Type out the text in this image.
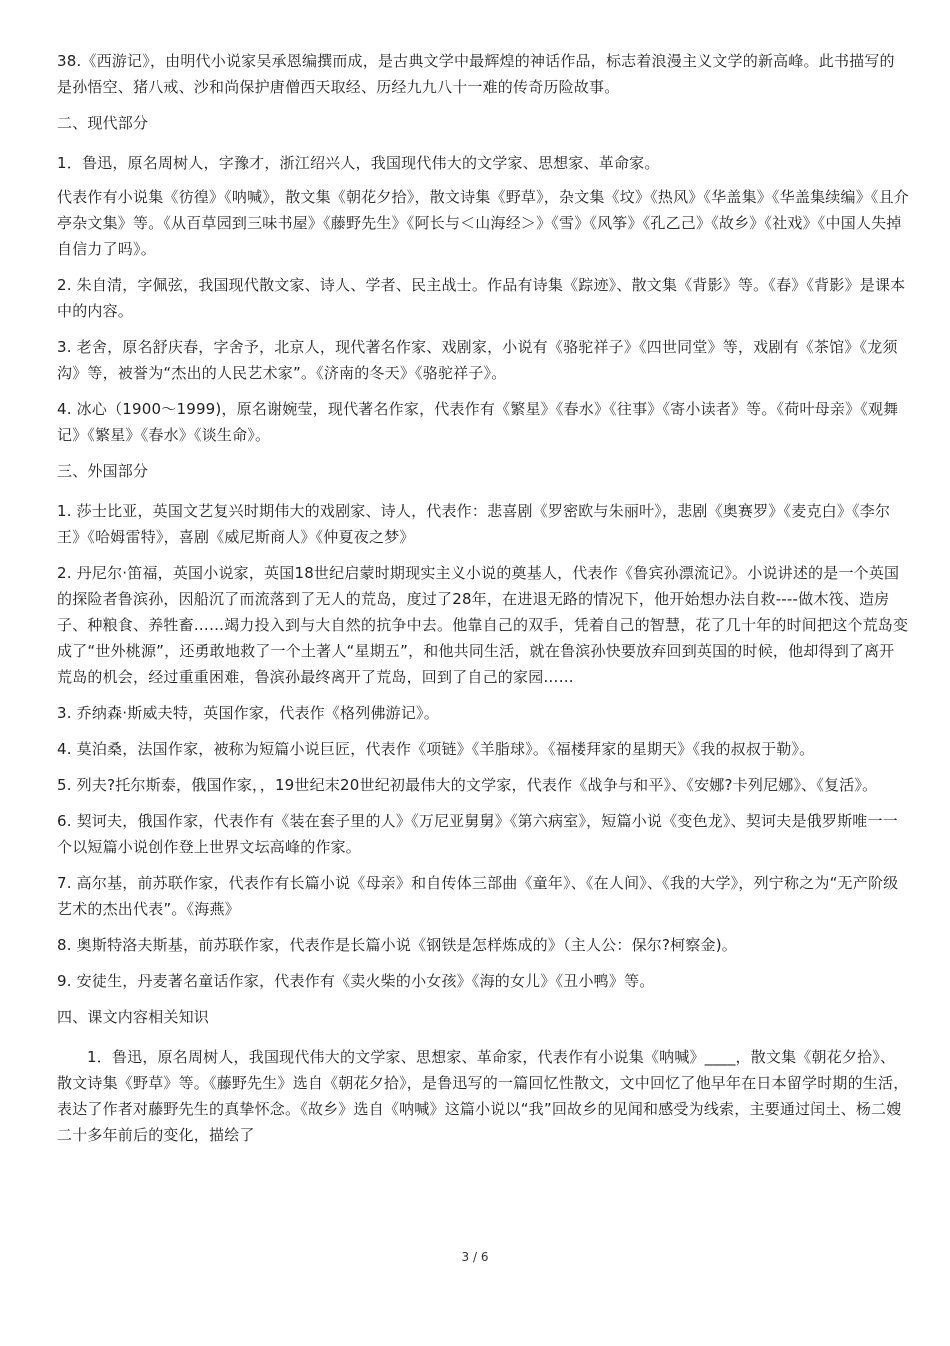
38.《西游记》，由明代小说家吴承恩编撰而成，是古典文学中最辉煌的神话作品，标志着浪漫主义文学的新高峰。此书描写的是孙悟空、猪八戒、沙和尚保护唐僧西天取经、历经九九八十一难的传奇历险故事。

二、现代部分

1．鲁迅，原名周树人，字豫才，浙江绍兴人，我国现代伟大的文学家、思想家、革命家。

代表作有小说集《彷徨》《呐喊》，散文集《朝花夕拾》，散文诗集《野草》，杂文集《坟》《热风》《华盖集》《华盖集续编》《且介亭杂文集》等。《从百草园到三味书屋》《藤野先生》《阿长与＜山海经＞》《雪》《风筝》《孔乙己》《故乡》《社戏》《中国人失掉自信力了吗》。

2. 朱自清，字佩弦，我国现代散文家、诗人、学者、民主战士。作品有诗集《踪迹》、散文集《背影》等。《春》《背影》是课本中的内容。

3. 老舍，原名舒庆春，字舍予，北京人，现代著名作家、戏剧家，小说有《骆驼祥子》《四世同堂》等，戏剧有《茶馆》《龙须沟》等，被誉为“杰出的人民艺术家”。《济南的冬天》《骆驼祥子》。

4. 冰心（1900～1999)，原名谢婉莹，现代著名作家，代表作有《繁星》《春水》《往事》《寄小读者》等。《荷叶母亲》《观舞记》《繁星》《春水》《谈生命》。

三、外国部分

1. 莎士比亚，英国文艺复兴时期伟大的戏剧家、诗人，代表作：悲喜剧《罗密欧与朱丽叶》，悲剧《奥赛罗》《麦克白》《李尔王》《哈姆雷特》，喜剧《威尼斯商人》《仲夏夜之梦》

2. 丹尼尔·笛福，英国小说家，英国18世纪启蒙时期现实主义小说的奠基人，代表作《鲁宾孙漂流记》。小说讲述的是一个英国的探险者鲁滨孙，因船沉了而流落到了无人的荒岛，度过了28年，在进退无路的情况下，他开始想办法自救----做木筏、造房子、种粮食、养牲畜……竭力投入到与大自然的抗争中去。他靠自己的双手，凭着自己的智慧，花了几十年的时间把这个荒岛变成了“世外桃源”，还勇敢地救了一个土著人“星期五”，和他共同生活，就在鲁滨孙快要放弃回到英国的时候，他却得到了离开荒岛的机会，经过重重困难，鲁滨孙最终离开了荒岛，回到了自己的家园……

3. 乔纳森·斯威夫特，英国作家，代表作《格列佛游记》。

4. 莫泊桑，法国作家，被称为短篇小说巨匠，代表作《项链》《羊脂球》。《福楼拜家的星期天》《我的叔叔于勒》。

5. 列夫?托尔斯泰，俄国作家，，19世纪末20世纪初最伟大的文学家，代表作《战争与和平》、《安娜?卡列尼娜》、《复活》。

6. 契诃夫，俄国作家，代表作有《装在套子里的人》《万尼亚舅舅》《第六病室》，短篇小说《变色龙》、契诃夫是俄罗斯唯一一个以短篇小说创作登上世界文坛高峰的作家。

7. 高尔基，前苏联作家，代表作有长篇小说《母亲》和自传体三部曲《童年》、《在人间》、《我的大学》，列宁称之为“无产阶级艺术的杰出代表”。《海燕》

8. 奥斯特洛夫斯基，前苏联作家，代表作是长篇小说《钢铁是怎样炼成的》（主人公：保尔?柯察金)。

9. 安徒生，丹麦著名童话作家，代表作有《卖火柴的小女孩》《海的女儿》《丑小鸭》等。

四、课文内容相关知识

1．鲁迅，原名周树人，我国现代伟大的文学家、思想家、革命家，代表作有小说集《呐喊》____，散文集《朝花夕拾》、散文诗集《野草》等。《藤野先生》选自《朝花夕拾》，是鲁迅写的一篇回忆性散文，文中回忆了他早年在日本留学时期的生活，表达了作者对藤野先生的真挚怀念。《故乡》选自《呐喊》这篇小说以“我”回故乡的见闻和感受为线索，主要通过闰土、杨二嫂二十多年前后的变化，描绘了

3 / 6
